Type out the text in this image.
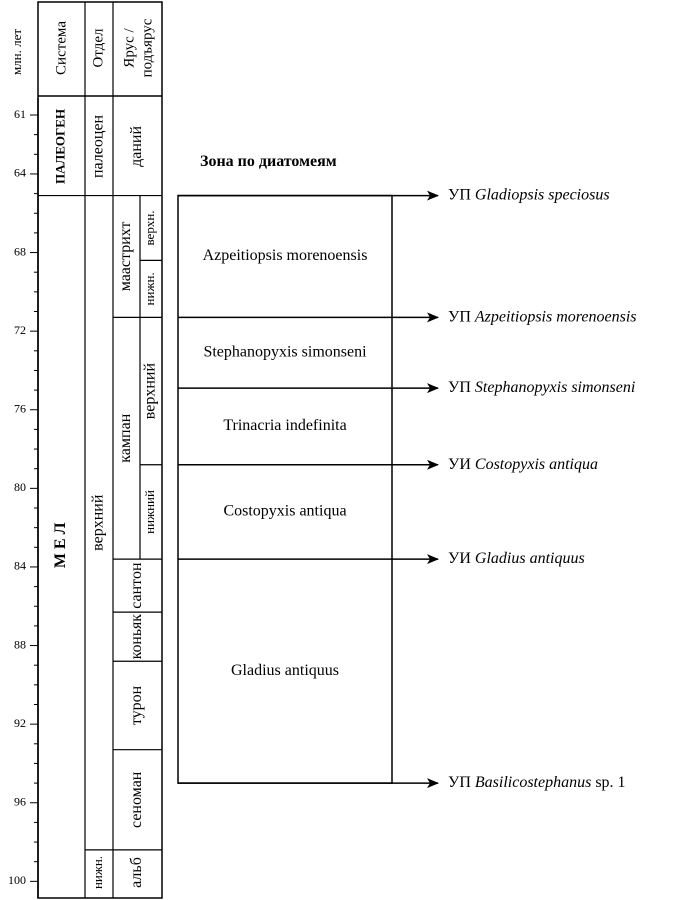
млн. лет Система Отдел Ярус / подъярус
Зона по диатомеям
61
64
68
72
76
80
84
88
92
96
100
ПАЛЕОГЕН
М Е Л
палеоцен
верхний
нижн.
даний
маастрихт
кампан
сантон
коньяк
турон
сеноман
альб
верхн.
нижн.
верхний
нижний
Azpeitiopsis morenoensis
Stephanopyxis simonseni
Trinacria indefinita
Costopyxis antiqua
Gladius antiquus
УП Gladiopsis speciosus
УП Azpeitiopsis morenoensis
УП Stephanopyxis simonseni
УИ Costopyxis antiqua
УИ Gladius antiquus
УП Basilicostephanus sp. 1
